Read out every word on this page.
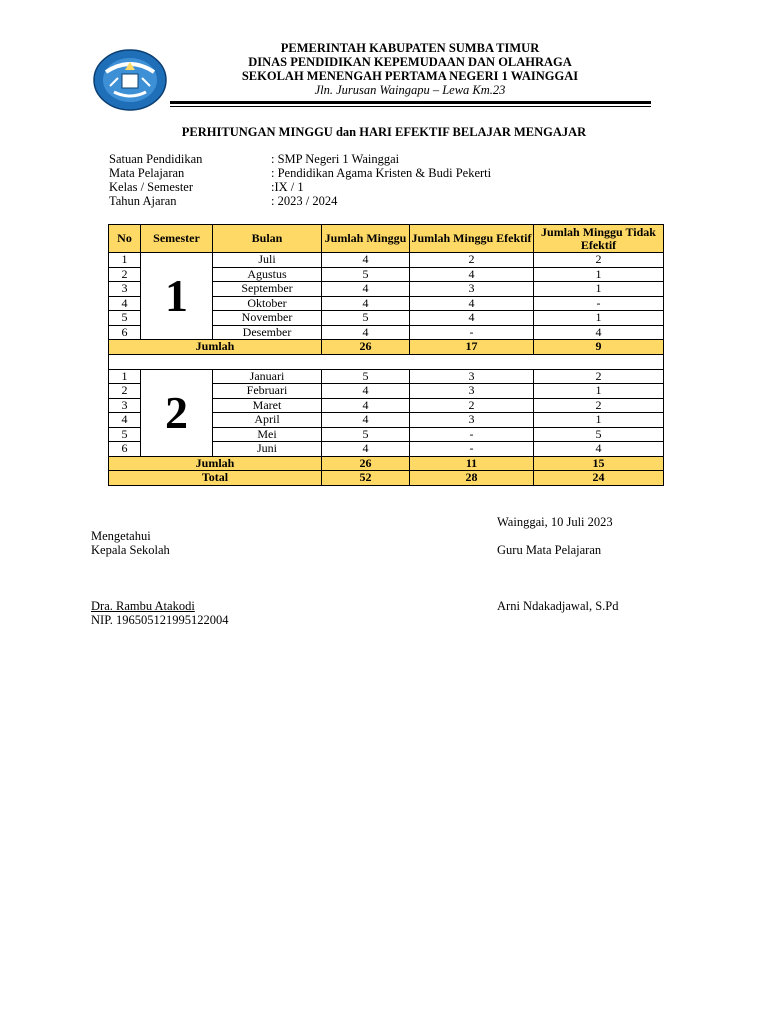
PEMERINTAH KABUPATEN SUMBA TIMUR
DINAS PENDIDIKAN KEPEMUDAAN DAN OLAHRAGA
SEKOLAH MENENGAH PERTAMA NEGERI 1 WAINGGAI
Jln. Jurusan Waingapu – Lewa Km.23
PERHITUNGAN MINGGU dan HARI EFEKTIF BELAJAR MENGAJAR
Satuan Pendidikan	: SMP Negeri 1 Wainggai
Mata Pelajaran	: Pendidikan Agama Kristen & Budi Pekerti
Kelas / Semester	:IX / 1
Tahun Ajaran	: 2023 / 2024
No	Semester	Bulan	Jumlah Minggu	Jumlah Minggu Efektif	Jumlah Minggu Tidak Efektif
1	1	Juli	4	2	2
2		Agustus	5	4	1
3		September	4	3	1
4		Oktober	4	4	-
5		November	5	4	1
6		Desember	4	-	4
Jumlah			26	17	9

1	2	Januari	5	3	2
2		Februari	4	3	1
3		Maret	4	2	2
4		April	4	3	1
5		Mei	5	-	5
6		Juni	4	-	4
Jumlah			26	11	15
Total			52	28	24
Wainggai, 10 Juli 2023
Mengetahui
Kepala Sekolah	Guru Mata Pelajaran
Dra. Rambu Atakodi	Arni Ndakadjawal, S.Pd
NIP. 196505121995122004
